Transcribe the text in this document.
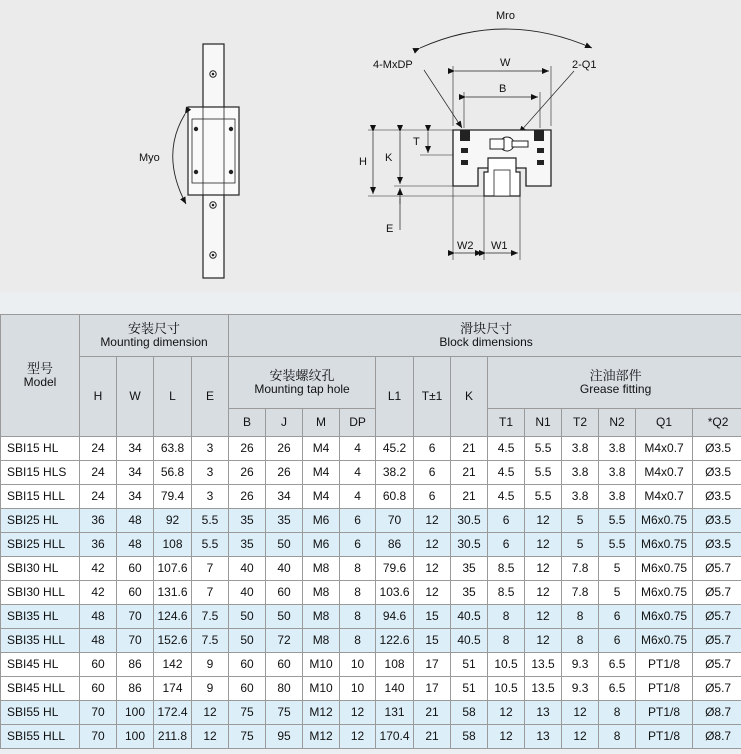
Myo
Mro
W
B
4-MxDP	2-Q1
T
K
H
E
W2 W1
型号
Model	安装尺寸
Mounting dimension				滑块尺寸
Block dimensions												
	H	W	L	E	安装螺纹孔
Mounting tap hole				L1	T±1	K	注油部件
Grease fitting					
					B	J	M	DP				T1	N1	T2	N2	Q1	*Q2
SBI15 HL	24	34	63.8	3	26	26	M4	4	45.2	6	21	4.5	5.5	3.8	3.8	M4x0.7	Ø3.5
SBI15 HLS	24	34	56.8	3	26	26	M4	4	38.2	6	21	4.5	5.5	3.8	3.8	M4x0.7	Ø3.5
SBI15 HLL	24	34	79.4	3	26	34	M4	4	60.8	6	21	4.5	5.5	3.8	3.8	M4x0.7	Ø3.5
SBI25 HL	36	48	92	5.5	35	35	M6	6	70	12	30.5	6	12	5	5.5	M6x0.75	Ø3.5
SBI25 HLL	36	48	108	5.5	35	50	M6	6	86	12	30.5	6	12	5	5.5	M6x0.75	Ø3.5
SBI30 HL	42	60	107.6	7	40	40	M8	8	79.6	12	35	8.5	12	7.8	5	M6x0.75	Ø5.7
SBI30 HLL	42	60	131.6	7	40	60	M8	8	103.6	12	35	8.5	12	7.8	5	M6x0.75	Ø5.7
SBI35 HL	48	70	124.6	7.5	50	50	M8	8	94.6	15	40.5	8	12	8	6	M6x0.75	Ø5.7
SBI35 HLL	48	70	152.6	7.5	50	72	M8	8	122.6	15	40.5	8	12	8	6	M6x0.75	Ø5.7
SBI45 HL	60	86	142	9	60	60	M10	10	108	17	51	10.5	13.5	9.3	6.5	PT1/8	Ø5.7
SBI45 HLL	60	86	174	9	60	80	M10	10	140	17	51	10.5	13.5	9.3	6.5	PT1/8	Ø5.7
SBI55 HL	70	100	172.4	12	75	75	M12	12	131	21	58	12	13	12	8	PT1/8	Ø8.7
SBI55 HLL	70	100	211.8	12	75	95	M12	12	170.4	21	58	12	13	12	8	PT1/8	Ø8.7
